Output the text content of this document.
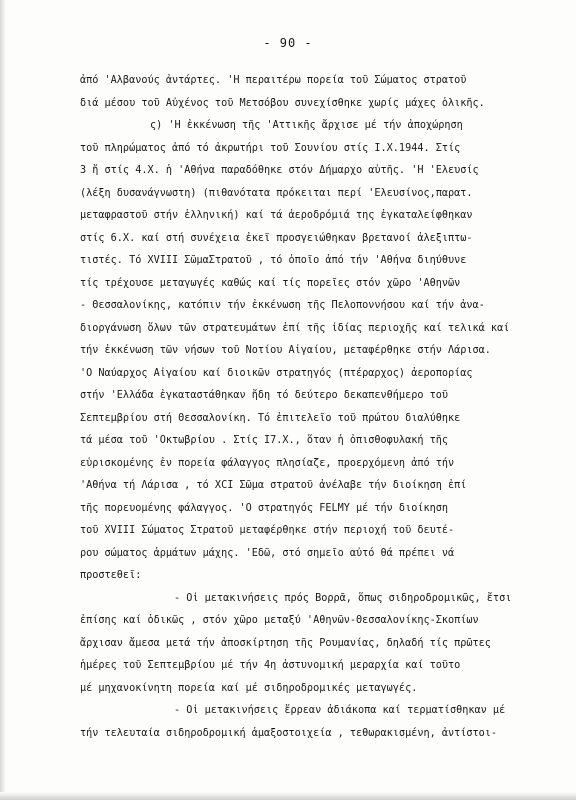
- 90 -
ἀπό 'Αλβανούς ἀντάρτες. 'Η περαιτέρω πορεία τοῦ Σώματος στρατοῦ
διά μέσου τοῦ Αὐχένος τοῦ Μετσόβου συνεχίσθηκε χωρίς μάχες ὁλικῆς.
ς) 'Η ἐκκένωση τῆς 'Αττικῆς ἄρχισε μέ τήν ἀποχώρηση
τοῦ πληρώματος ἀπό τό ἀκρωτήρι τοῦ Σουνίου στίς Ι.Χ.1944. Στίς
3 ἤ στίς 4.Χ. ἡ 'Αθήνα παραδόθηκε στόν Δήμαρχο αὐτῆς. 'Η 'Ελευσίς
(λέξη δυσανάγνωστη) (πιθανότατα πρόκειται περί 'Ελευσίνος,παρατ.
μεταφραστοῦ στήν ἑλληνική) καί τά ἀεροδρόμιά της ἐγκαταλείφθηκαν
στίς 6.Χ. καί στή συνέχεια ἐκεῖ προσγειώθηκαν βρετανοί ἀλεξιπτω-
τιστές. Τό XVIII ΣῶμαΣτρατοῦ , τό ὁποῖο ἀπό τήν 'Αθήνα διηύθυνε
τίς τρέχουσε μεταγωγές καθώς καί τίς πορεῖες στόν χῶρο 'Αθηνῶν
- Θεσσαλονίκης, κατόπιν τήν ἐκκένωση τῆς Πελοποννήσου καί τήν ἀνα-
διοργάνωση ὅλων τῶν στρατευμάτων ἐπί τῆς ἰδίας περιοχῆς καί τελικά καί
τήν ἐκκένωση τῶν νήσων τοῦ Νοτίου Αἰγαίου, μεταφέρθηκε στήν Λάρισα.
'Ο Ναύαρχος Αἰγαίου καί διοικῶν στρατηγός (πτέραρχος) ἀεροπορίας
στήν 'Ελλάδα ἐγκαταστάθηκαν ἤδη τό δεύτερο δεκαπενθήμερο τοῦ
Σεπτεμβρίου στή Θεσσαλονίκη. Τό ἐπιτελεῖο τοῦ πρώτου διαλύθηκε
τά μέσα τοῦ 'Οκτωβρίου . Στίς Ι7.Χ., ὅταν ἡ ὀπισθοφυλακή τῆς
εὑρισκομένης ἐν πορεία φάλαγγος πλησίαζε, προερχόμενη ἀπό τήν
'Αθήνα τή Λάρισα , τό XCI Σῶμα στρατοῦ ἀνέλαβε τήν διοίκηση ἐπί
τῆς πορευομένης φάλαγγος. 'Ο στρατηγός FELMY μέ τήν διοίκηση
τοῦ XVIII Σώματος Στρατοῦ μεταφέρθηκε στήν περιοχή τοῦ δευτέ-
ρου σώματος ἁρμάτων μάχης. 'Εδῶ, στό σημεῖο αὐτό θά πρέπει νά
προστεθεῖ:
- Οἱ μετακινήσεις πρός Βορρᾶ, ὅπως σιδηροδρομικῶς, ἔτσι
ἐπίσης καί ὁδικῶς , στόν χῶρο μεταξύ 'Αθηνῶν-Θεσσαλονίκης-Σκοπίων
ἄρχισαν ἄμεσα μετά τήν ἀποσκίρτηση τῆς Ρουμανίας, δηλαδή τίς πρῶτες
ἡμέρες τοῦ Σεπτεμβρίου μέ τήν 4η ἀστυνομική μεραρχία καί τοῦτο
μέ μηχανοκίνητη πορεία καί μέ σιδηροδρομικές μεταγωγές.
- Οἱ μετακινήσεις ἔρρεαν ἀδιάκοπα καί τερματίσθηκαν μέ
τήν τελευταία σιδηροδρομική ἁμαξοστοιχεία , τεθωρακισμένη, ἀντίστοι-
